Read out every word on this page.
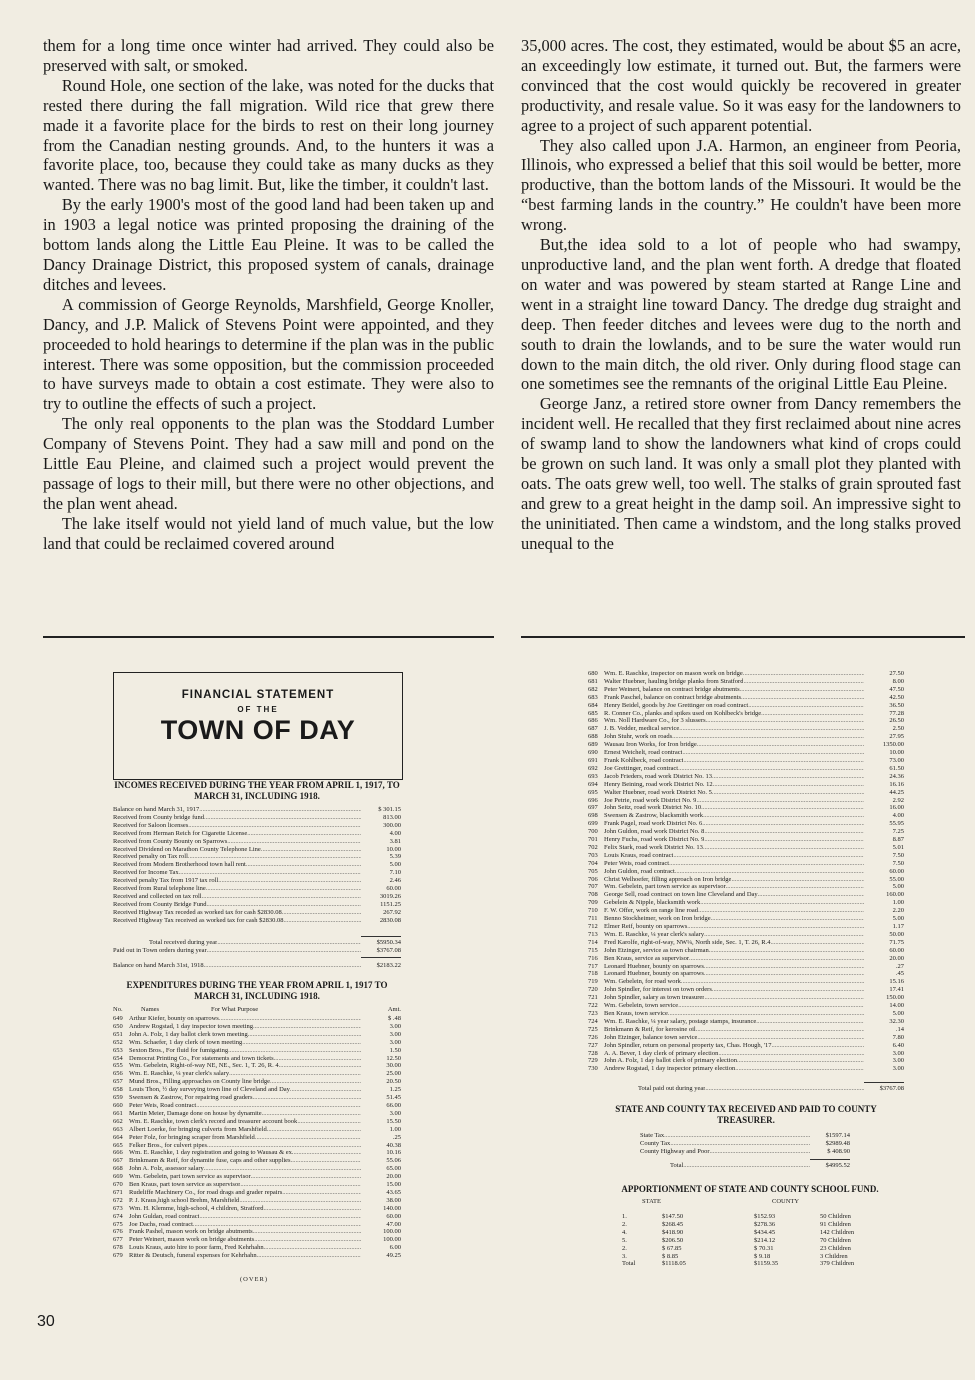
them for a long time once winter had arrived. They could also be preserved with salt, or smoked.

Round Hole, one section of the lake, was noted for the ducks that rested there during the fall migration. Wild rice that grew there made it a favorite place for the birds to rest on their long journey from the Canadian nesting grounds. And, to the hunters it was a favorite place, too, because they could take as many ducks as they wanted. There was no bag limit. But, like the timber, it couldn't last.

By the early 1900's most of the good land had been taken up and in 1903 a legal notice was printed proposing the draining of the bottom lands along the Little Eau Pleine. It was to be called the Dancy Drainage District, this proposed system of canals, drainage ditches and levees.

A commission of George Reynolds, Marshfield, George Knoller, Dancy, and J.P. Malick of Stevens Point were appointed, and they proceeded to hold hearings to determine if the plan was in the public interest. There was some opposition, but the commission proceeded to have surveys made to obtain a cost estimate. They were also to try to outline the effects of such a project.

The only real opponents to the plan was the Stoddard Lumber Company of Stevens Point. They had a saw mill and pond on the Little Eau Pleine, and claimed such a project would prevent the passage of logs to their mill, but there were no other objections, and the plan went ahead.

The lake itself would not yield land of much value, but the low land that could be reclaimed covered around

35,000 acres. The cost, they estimated, would be about $5 an acre, an exceedingly low estimate, it turned out. But, the farmers were convinced that the cost would quickly be recovered in greater productivity, and resale value. So it was easy for the landowners to agree to a project of such apparent potential.

They also called upon J.A. Harmon, an engineer from Peoria, Illinois, who expressed a belief that this soil would be better, more productive, than the bottom lands of the Missouri. It would be the “best farming lands in the country.” He couldn't have been more wrong.

But,the idea sold to a lot of people who had swampy, unproductive land, and the plan went forth. A dredge that floated on water and was powered by steam started at Range Line and went in a straight line toward Dancy. The dredge dug straight and deep. Then feeder ditches and levees were dug to the north and south to drain the lowlands, and to be sure the water would run down to the main ditch, the old river. Only during flood stage can one sometimes see the remnants of the original Little Eau Pleine.

George Janz, a retired store owner from Dancy remembers the incident well. He recalled that they first reclaimed about nine acres of swamp land to show the landowners what kind of crops could be grown on such land. It was only a small plot they planted with oats. The oats grew well, too well. The stalks of grain sprouted fast and grew to a great height in the damp soil. An impressive sight to the uninitiated. Then came a windstom, and the long stalks proved unequal to the

FINANCIAL STATEMENT
OF THE
TOWN OF DAY
INCOMES RECEIVED DURING THE YEAR FROM APRIL 1, 1917, TO MARCH 31, INCLUDING 1918.
Balance on hand March 31, 1917 .....	$ 301.15
Received from County bridge fund .....	813.00
Received for Saloon licenses .....	300.00
Received from Herman Reich for Cigarette License .....	4.00
Received from County Bounty on Sparrows .....	3.81
Received Dividend on Marathon County Telephone Line .....	10.00
Received penalty on Tax roll .....	5.39
Received from Modern Brotherhood town hall rent .....	5.00
Received for Income Tax .....	7.10
Received penalty Tax from 1917 tax roll .....	2.46
Received from Rural telephone line .....	60.00
Received and collected on tax roll .....	3019.26
Received from County Bridge Fund .....	1151.25
Received Highway Tax receded as worked tax for cash $2830.08 .....	267.92
Received Highway Tax received as worked tax for cash $2830.08 .....	2830.08
Total received during year .....	$5950.34
Paid out in Town orders during year .....	$3767.08
Balance on hand March 31st, 1918 .....	$2183.22
EXPENDITURES DURING THE YEAR FROM APRIL 1, 1917 TO MARCH 31, INCLUDING 1918.
No.	Names	For What Purpose	Amt.
649 Arthur Kiefer, bounty on sparrows .....	$ .48
650 Andrew Rogstad, 1 day inspector town meeting .....	3.00
651 John A. Folz, 1 day ballot clerk town meeting .....	3.00
652 Wm. Schaefer, 1 day clerk of town meeting .....	3.00
653 Sexton Bros., For fluid for fumigating .....	1.50
654 Democrat Printing Co., For statements and town tickets .....	12.50
655 Wm. Gebelein, Right-of-way NE, NE., Sec. 1, T. 26, R. 4 .....	30.00
656 Wm. E. Raschke, ¼ year clerk's salary .....	25.00
657 Mund Bros., Filling approaches on County line bridge .....	20.50
658 Louis Thon, ½ day surveying town line of Cleveland and Day .....	1.25
659 Swensen & Zastrow, For repairing road graders .....	51.45
660 Peter Weis, Road contract .....	66.00
661 Martin Meier, Damage done on house by dynamite .....	3.00
662 Wm. E. Raschke, town clerk's record and treasurer account book .....	15.50
663 Albert Loerke, for bringing culverts from Marshfield .....	1.00
664 Peter Folz, for bringing scraper from Marshfield .....	.25
665 Felker Bros., for culvert pipes .....	40.38
666 Wm. E. Raschke, 1 day registration and going to Wausau & ex. .....	10.16
667 Brinkmann & Reif, for dynamite fuse, caps and other supplies .....	55.06
668 John A. Folz, assessor salary .....	65.00
669 Wm. Gebelein, part town service as supervisor .....	20.00
670 Ben Kraus, part town service as supervisor .....	15.00
671 Rudeliffe Machinery Co., for road drags and grader repairs .....	43.65
672 P. J. Kraus,high school Brehm, Marshfield .....	38.00
673 Wm. H. Klemme, high-school, 4 children, Stratford .....	140.00
674 John Guldan, road contract .....	60.00
675 Joe Dachs, road contract .....	47.00
676 Frank Pashel, mason work on bridge abutments .....	100.00
677 Peter Weinert, mason work on bridge abutments .....	100.00
678 Louis Kraus, auto hire to poor farm, Fred Kehrhahn .....	6.00
679 Ritter & Deutsch, funeral expenses for Kehrhahn .....	49.25
(OVER)
680 Wm. E. Raschke, inspector on mason work on bridge .....	27.50
681 Walter Huebner, hauling bridge planks from Stratford .....	8.00
682 Peter Weinert, balance on contract bridge abutments .....	47.50
683 Frank Paschel, balance on contract bridge abutments .....	42.50
684 Henry Beidel, goods by Joe Grettinger on road contract .....	36.50
685 R. Conner Co., planks and spikes used on Kohlbeck's bridge .....	77.28
686 Wm. Noll Hardware Co., for 3 slussers .....	26.50
687 J. B. Vedder, medical service .....	2.50
688 John Stuhr, work on roads .....	27.95
689 Wausau Iron Works, for Iron bridge .....	1350.00
690 Ernest Weichelt, road contract .....	10.00
691 Frank Kohlbeck, road contract .....	73.00
692 Joe Grettinger, road contract .....	61.50
693 Jacob Frieders, road work District No. 13 .....	24.36
694 Henry Beining, road work District No. 12 .....	16.16
695 Walter Huebner, road work District No. 5 .....	44.25
696 Joe Petrie, road work District No. 9 .....	2.92
697 John Seitz, road work District No. 10 .....	16.00
698 Swensen & Zastrow, blacksmith work .....	4.00
699 Frank Pagel, road work District No. 6 .....	55.95
700 John Guldon, road work District No. 8 .....	7.25
701 Henry Fuchs, road work District No. 9 .....	8.87
702 Felix Stark, road work District No. 13 .....	5.01
703 Louis Kraus, road contract .....	7.50
704 Peter Weis, road contract .....	7.50
705 John Guldon, road contract .....	60.00
706 Christ Welhoefer, filling approach on Iron bridge .....	55.00
707 Wm. Gebelein, part town service as supervisor .....	5.00
708 George Sell, road contract on town line Cleveland and Day .....	160.00
709 Gebelein & Nipple, blacksmith work .....	1.00
710 F. W. Offer, work on range line road .....	2.20
711 Benno Stockheimer, work on Iron bridge .....	5.00
712 Elmer Reif, bounty on sparrows .....	1.17
713 Wm. E. Raschke, ¼ year clerk's salary .....	50.00
714 Fred Karolfe, right-of-way, NW¼, North side, Sec. 1, T. 26, R.4 .....	71.75
715 John Etzinger, service as town chairman .....	60.00
716 Ben Kraus, service as supervisor .....	20.00
717 Leonard Huebner, bounty on sparrows .....	.27
718 Leonard Huebner, bounty on sparrows .....	.45
719 Wm. Gebelein, for road work .....	15.16
720 John Spindler, for interest on town orders .....	17.41
721 John Spindler, salary as town treasurer .....	150.00
722 Wm. Gebelein, town service .....	14.00
723 Ben Kraus, town service .....	5.00
724 Wm. E. Raschke, ¼ year salary, postage stamps, insurance .....	32.30
725 Brinkmann & Reif, for kerosine oil .....	.14
726 John Etzinger, balance town service .....	7.80
727 John Spindler, return on personal property tax, Chas. Hough, '17 .....	6.40
728 A. A. Bever, 1 day clerk of primary election .....	3.00
729 John A. Folz, 1 day ballot clerk of primary election .....	3.00
730 Andrew Rogstad, 1 day inspector primary election .....	3.00
Total paid out during year .....	$3767.08
STATE AND COUNTY TAX RECEIVED AND PAID TO COUNTY TREASURER.
State Tax .....	$1597.14
County Tax .....	$2989.48
County Highway and Poor .....	$ 408.90
Total .....	$4995.52
APPORTIONMENT OF STATE AND COUNTY SCHOOL FUND.
STATE	COUNTY
1.	$147.50	$152.93	50 Children
2.	$268.45	$278.36	91 Children
4.	$418.90	$434.45	142 Children
5.	$206.50	$214.12	70 Children
2.	$ 67.85	$ 70.31	23 Children
3.	$ 8.85	$ 9.18	3 Children
Total	$1118.05	$1159.35	379 Children
30
